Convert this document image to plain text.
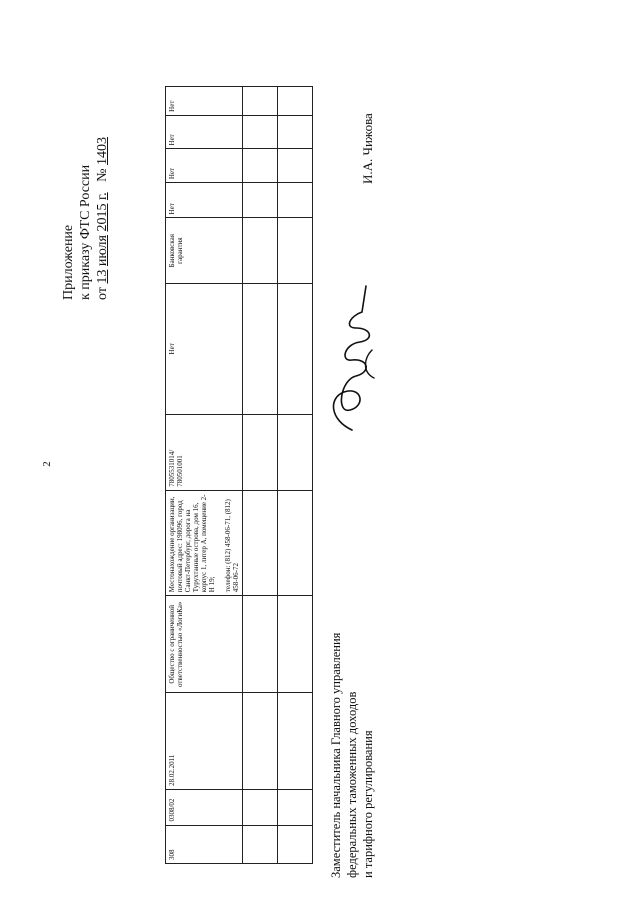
2
Приложение к приказу ФТС России от 13 июля 2015 г.   № 1403
308	0308/02	28.02.2011	Общество с ограниченной ответственностью «ЛогиКа»	Местонахождение организации, почтовый адрес: 198096, город Санкт-Петербург, дорога на Турухтанные острова, дом 16, корпус 1, литер А, помещение 2-Н 19; телефон: (812) 458-06-71, (812) 458-06-72	7805531014/ 780501001	Нет	Банковская гарантия	Нет	Нет	Нет	Нет

Заместитель начальника Главного управления федеральных таможенных доходов и тарифного регулирования
И.А. Чижова
